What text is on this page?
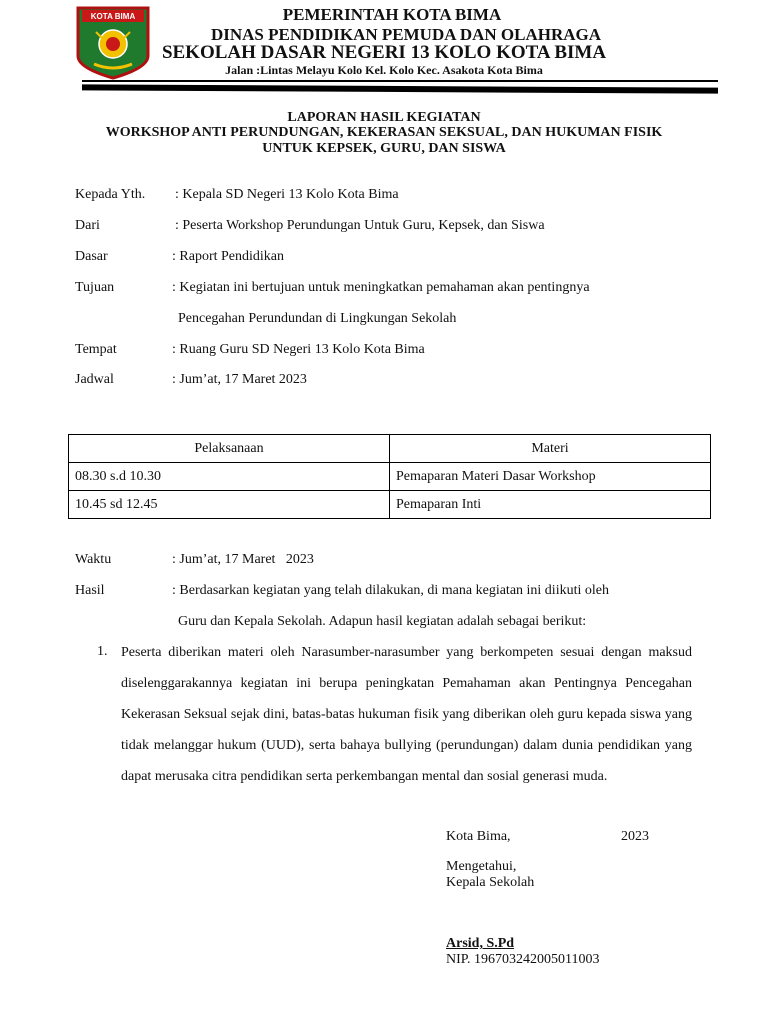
KOTA BIMA	PEMERINTAH KOTA BIMA
DINAS PENDIDIKAN PEMUDA DAN OLAHRAGA
SEKOLAH DASAR NEGERI 13 KOLO KOTA BIMA
Jalan :Lintas Melayu Kolo Kel. Kolo Kec. Asakota Kota Bima
LAPORAN HASIL KEGIATAN
WORKSHOP ANTI PERUNDUNGAN, KEKERASAN SEKSUAL, DAN HUKUMAN FISIK
UNTUK KEPSEK, GURU, DAN SISWA
Kepada Yth. : Kepala SD Negeri 13 Kolo Kota Bima
Dari	: Peserta Workshop Perundungan Untuk Guru, Kepsek, dan Siswa
Dasar	: Raport Pendidikan
Tujuan	: Kegiatan ini bertujuan untuk meningkatkan pemahaman akan pentingnya
Pencegahan Perundundan di Lingkungan Sekolah
Tempat	: Ruang Guru SD Negeri 13 Kolo Kota Bima
Jadwal	: Jum’at, 17 Maret 2023
Pelaksanaan	Materi
08.30 s.d 10.30	Pemaparan Materi Dasar Workshop
10.45 sd 12.45	Pemaparan Inti
Waktu	: Jum’at, 17 Maret   2023
Hasil	: Berdasarkan kegiatan yang telah dilakukan, di mana kegiatan ini diikuti oleh
Guru dan Kepala Sekolah. Adapun hasil kegiatan adalah sebagai berikut:
1. Peserta diberikan materi oleh Narasumber-narasumber yang berkompeten sesuai dengan maksud diselenggarakannya kegiatan ini berupa peningkatan Pemahaman akan Pentingnya Pencegahan Kekerasan Seksual sejak dini, batas-batas hukuman fisik yang diberikan oleh guru kepada siswa yang tidak melanggar hukum (UUD), serta bahaya bullying (perundungan) dalam dunia pendidikan yang dapat merusaka citra pendidikan serta perkembangan mental dan sosial generasi muda.
Kota Bima,	2023
Mengetahui,
Kepala Sekolah
Arsid, S.Pd
NIP. 196703242005011003
